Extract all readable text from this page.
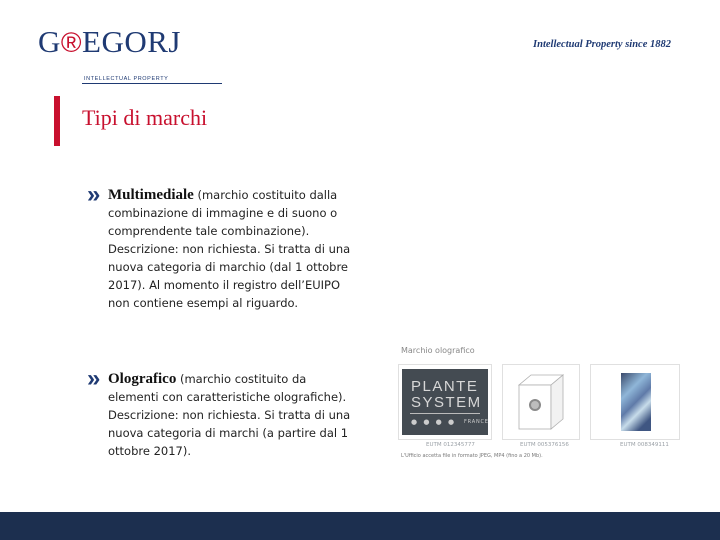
G®EGORJ
INTELLECTUAL PROPERTY
Intellectual Property since 1882
Tipi di marchi
» Multimediale (marchio costituito dalla combinazione di immagine e di suono o comprendente tale combinazione). Descrizione: non richiesta. Si tratta di una nuova categoria di marchio (dal 1 ottobre 2017). Al momento il registro dell’EUIPO non contiene esempi al riguardo.
» Olografico (marchio costituito da elementi con caratteristiche olografiche). Descrizione: non richiesta. Si tratta di una nuova categoria di marchi (a partire dal 1 ottobre 2017).
Marchio olografico
PLANTE
SYSTEM
● ● ● ● FRANCE
EUTM 012345777	EUTM 005376156	EUTM 008349111
L'Ufficio accetta file in formato JPEG, MP4 (fino a 20 Mb).
